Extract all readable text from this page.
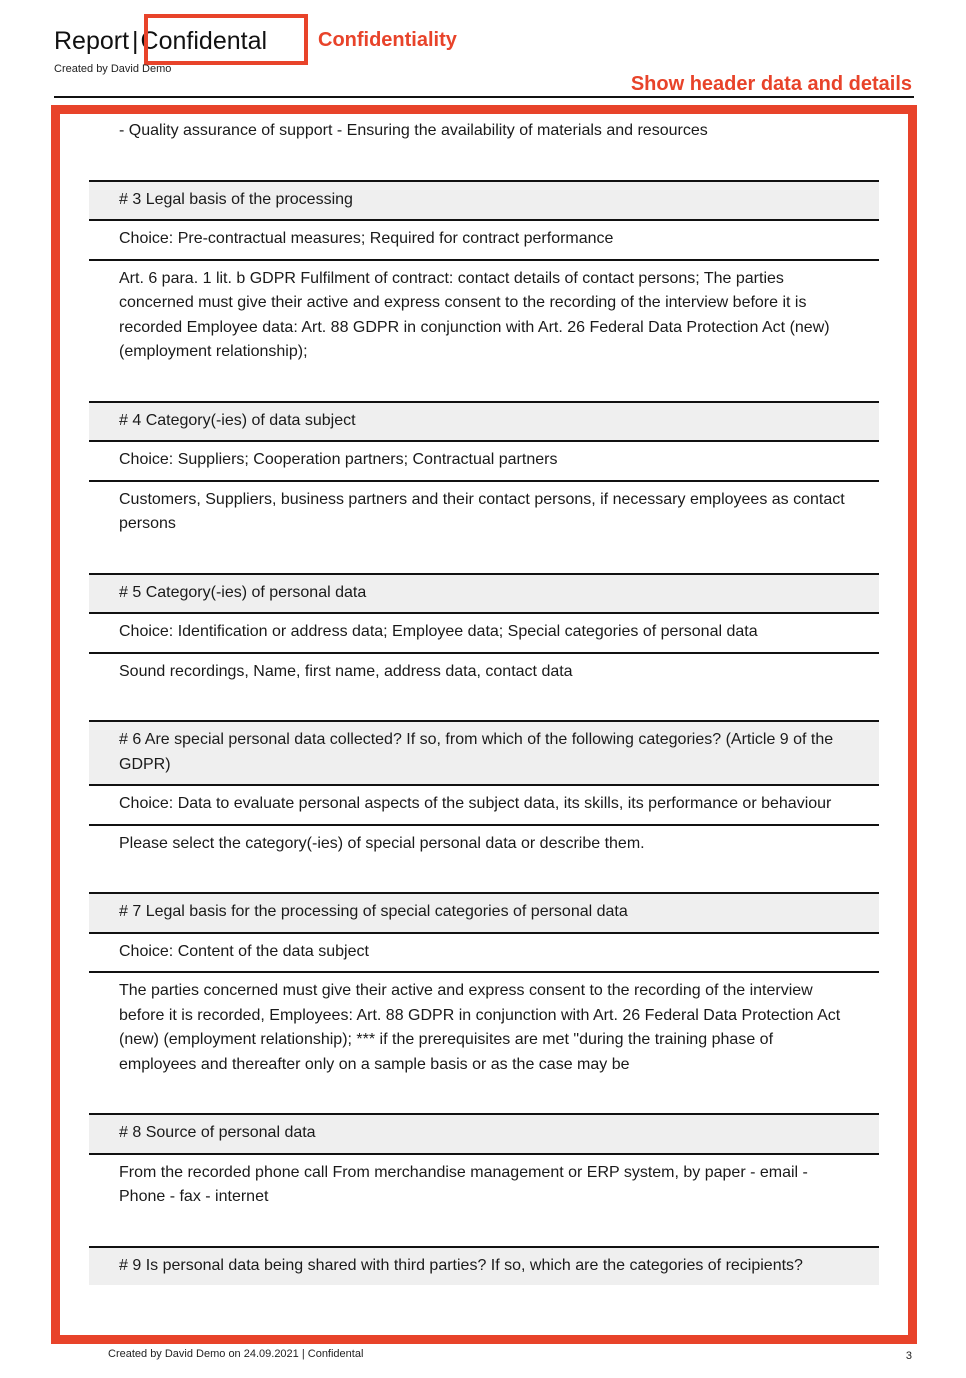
Report |Confidental	Confidentiality
Created by David Demo
Show header data and details
- Quality assurance of support - Ensuring the availability of materials and resources
# 3 Legal basis of the processing
Choice: Pre-contractual measures; Required for contract performance
Art. 6 para. 1 lit. b GDPR Fulfilment of contract: contact details of contact persons; The parties concerned must give their active and express consent to the recording of the interview before it is recorded Employee data: Art. 88 GDPR in conjunction with Art. 26 Federal Data Protection Act (new) (employment relationship);
# 4 Category(-ies) of data subject
Choice: Suppliers; Cooperation partners; Contractual partners
Customers, Suppliers, business partners and their contact persons, if necessary employees as contact persons
# 5 Category(-ies) of personal data
Choice: Identification or address data; Employee data; Special categories of personal data
Sound recordings, Name, first name, address data, contact data
# 6 Are special personal data collected? If so, from which of the following categories? (Article 9 of the GDPR)
Choice: Data to evaluate personal aspects of the subject data, its skills, its performance or behaviour
Please select the category(-ies) of special personal data or describe them.
# 7 Legal basis for the processing of special categories of personal data
Choice: Content of the data subject
The parties concerned must give their active and express consent to the recording of the interview before it is recorded, Employees: Art. 88 GDPR in conjunction with Art. 26 Federal Data Protection Act (new) (employment relationship); *** if the prerequisites are met "during the training phase of employees and thereafter only on a sample basis or as the case may be
# 8 Source of personal data
From the recorded phone call From merchandise management or ERP system, by paper - email - Phone - fax - internet
# 9 Is personal data being shared with third parties? If so, which are the categories of recipients?
Created by David Demo on 24.09.2021 | Confidental	3
